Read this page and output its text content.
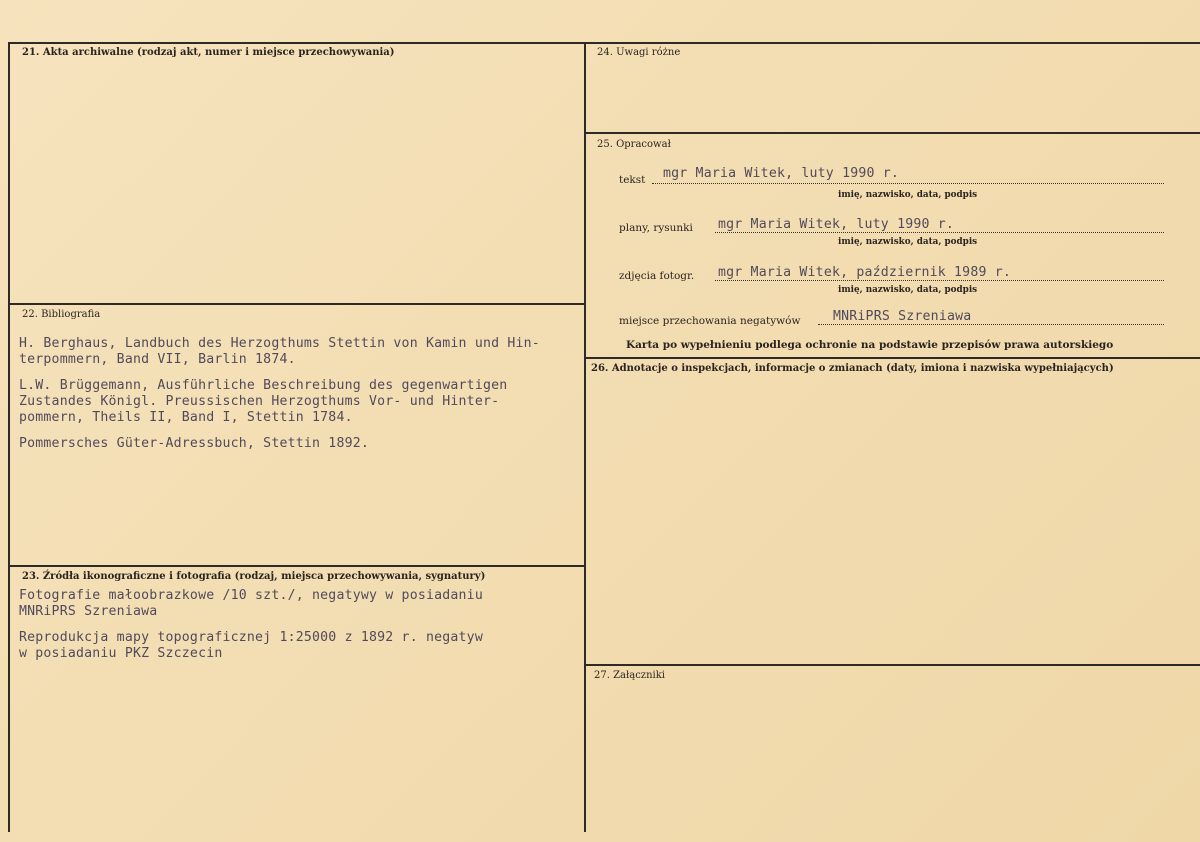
21. Akta archiwalne (rodzaj akt, numer i miejsce przechowywania)
22. Bibliografia
H. Berghaus, Landbuch des Herzogthums Stettin von Kamin und Hin-
terpommern, Band VII, Barlin 1874.
L.W. Brüggemann, Ausführliche Beschreibung des gegenwartigen
Zustandes Königl. Preussischen Herzogthums Vor- und Hinter-
pommern, Theils II, Band I, Stettin 1784.
Pommersches Güter-Adressbuch, Stettin 1892.
23. Źródła ikonograficzne i fotografia (rodzaj, miejsca przechowywania, sygnatury)
Fotografie małoobrazkowe /10 szt./, negatywy w posiadaniu
MNRiPRS Szreniawa
Reprodukcja mapy topograficznej 1:25000 z 1892 r. negatyw
w posiadaniu PKZ Szczecin
24. Uwagi różne
25. Opracował
tekst mgr Maria Witek, luty 1990 r.
imię, nazwisko, data, podpis
plany, rysunki mgr Maria Witek, luty 1990 r.
imię, nazwisko, data, podpis
zdjęcia fotogr. mgr Maria Witek, październik 1989 r.
imię, nazwisko, data, podpis
miejsce przechowania negatywów MNRiPRS Szreniawa
Karta po wypełnieniu podlega ochronie na podstawie przepisów prawa autorskiego
26. Adnotacje o inspekcjach, informacje o zmianach (daty, imiona i nazwiska wypełniających)
27. Załączniki
